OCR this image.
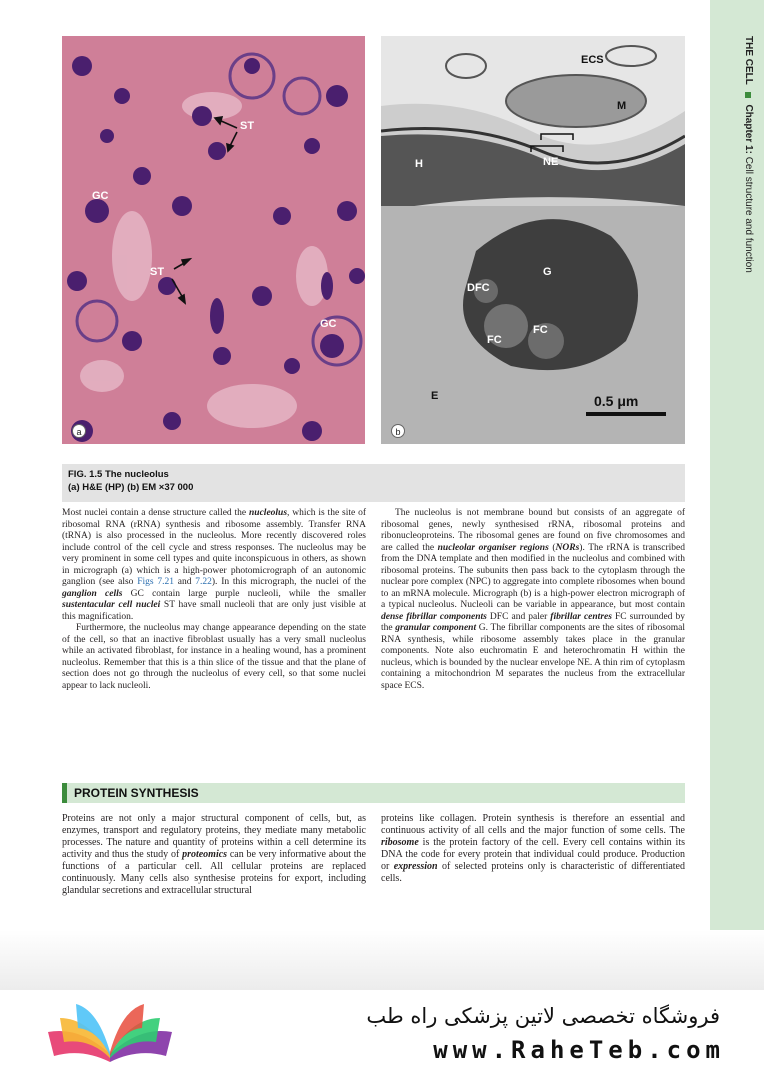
THE CELL  Chapter 1: Cell structure and function
ST
GC
ST
GC
a
ECS
M
NE
H
G
DFC
FC
FC
E	0.5 μm
b
FIG. 1.5 The nucleolus
(a) H&E (HP) (b) EM ×37 000

Most nuclei contain a dense structure called the nucleolus, which is the site of ribosomal RNA (rRNA) synthesis and ribosome assembly. Transfer RNA (tRNA) is also processed in the nucleolus. More recently discovered roles include control of the cell cycle and stress responses. The nucleolus may be very prominent in some cell types and quite inconspicuous in others, as shown in micrograph (a) which is a high-power photomicrograph of an autonomic ganglion (see also Figs 7.21 and 7.22). In this micrograph, the nuclei of the ganglion cells GC contain large purple nucleoli, while the smaller sustentacular cell nuclei ST have small nucleoli that are only just visible at this magnification.

Furthermore, the nucleolus may change appearance depending on the state of the cell, so that an inactive fibroblast usually has a very small nucleolus while an activated fibroblast, for instance in a healing wound, has a prominent nucleolus. Remember that this is a thin slice of the tissue and that the plane of section does not go through the nucleolus of every cell, so that some nuclei appear to lack nucleoli.

The nucleolus is not membrane bound but consists of an aggregate of ribosomal genes, newly synthesised rRNA, ribosomal proteins and ribonucleoproteins. The ribosomal genes are found on five chromosomes and are called the nucleolar organiser regions (NORs). The rRNA is transcribed from the DNA template and then modified in the nucleolus and combined with ribosomal proteins. The subunits then pass back to the cytoplasm through the nuclear pore complex (NPC) to aggregate into complete ribosomes when bound to an mRNA molecule. Micrograph (b) is a high-power electron micrograph of a typical nucleolus. Nucleoli can be variable in appearance, but most contain dense fibrillar components DFC and paler fibrillar centres FC surrounded by the granular component G. The fibrillar components are the sites of ribosomal RNA synthesis, while ribosome assembly takes place in the granular components. Note also euchromatin E and heterochromatin H within the nucleus, which is bounded by the nuclear envelope NE. A thin rim of cytoplasm containing a mitochondrion M separates the nucleus from the extracellular space ECS.

PROTEIN SYNTHESIS

Proteins are not only a major structural component of cells, but, as enzymes, transport and regulatory proteins, they mediate many metabolic processes. The nature and quantity of proteins within a cell determine its activity and thus the study of proteomics can be very informative about the functions of a particular cell. All cellular proteins are replaced continuously. Many cells also synthesise proteins for export, including glandular secretions and extracellular structural

proteins like collagen. Protein synthesis is therefore an essential and continuous activity of all cells and the major function of some cells. The ribosome is the protein factory of the cell. Every cell contains within its DNA the code for every protein that individual could produce. Production or expression of selected proteins only is characteristic of differentiated cells.

فروشگاه تخصصی لاتین پزشکی راه طب
www.RaheTeb.com
